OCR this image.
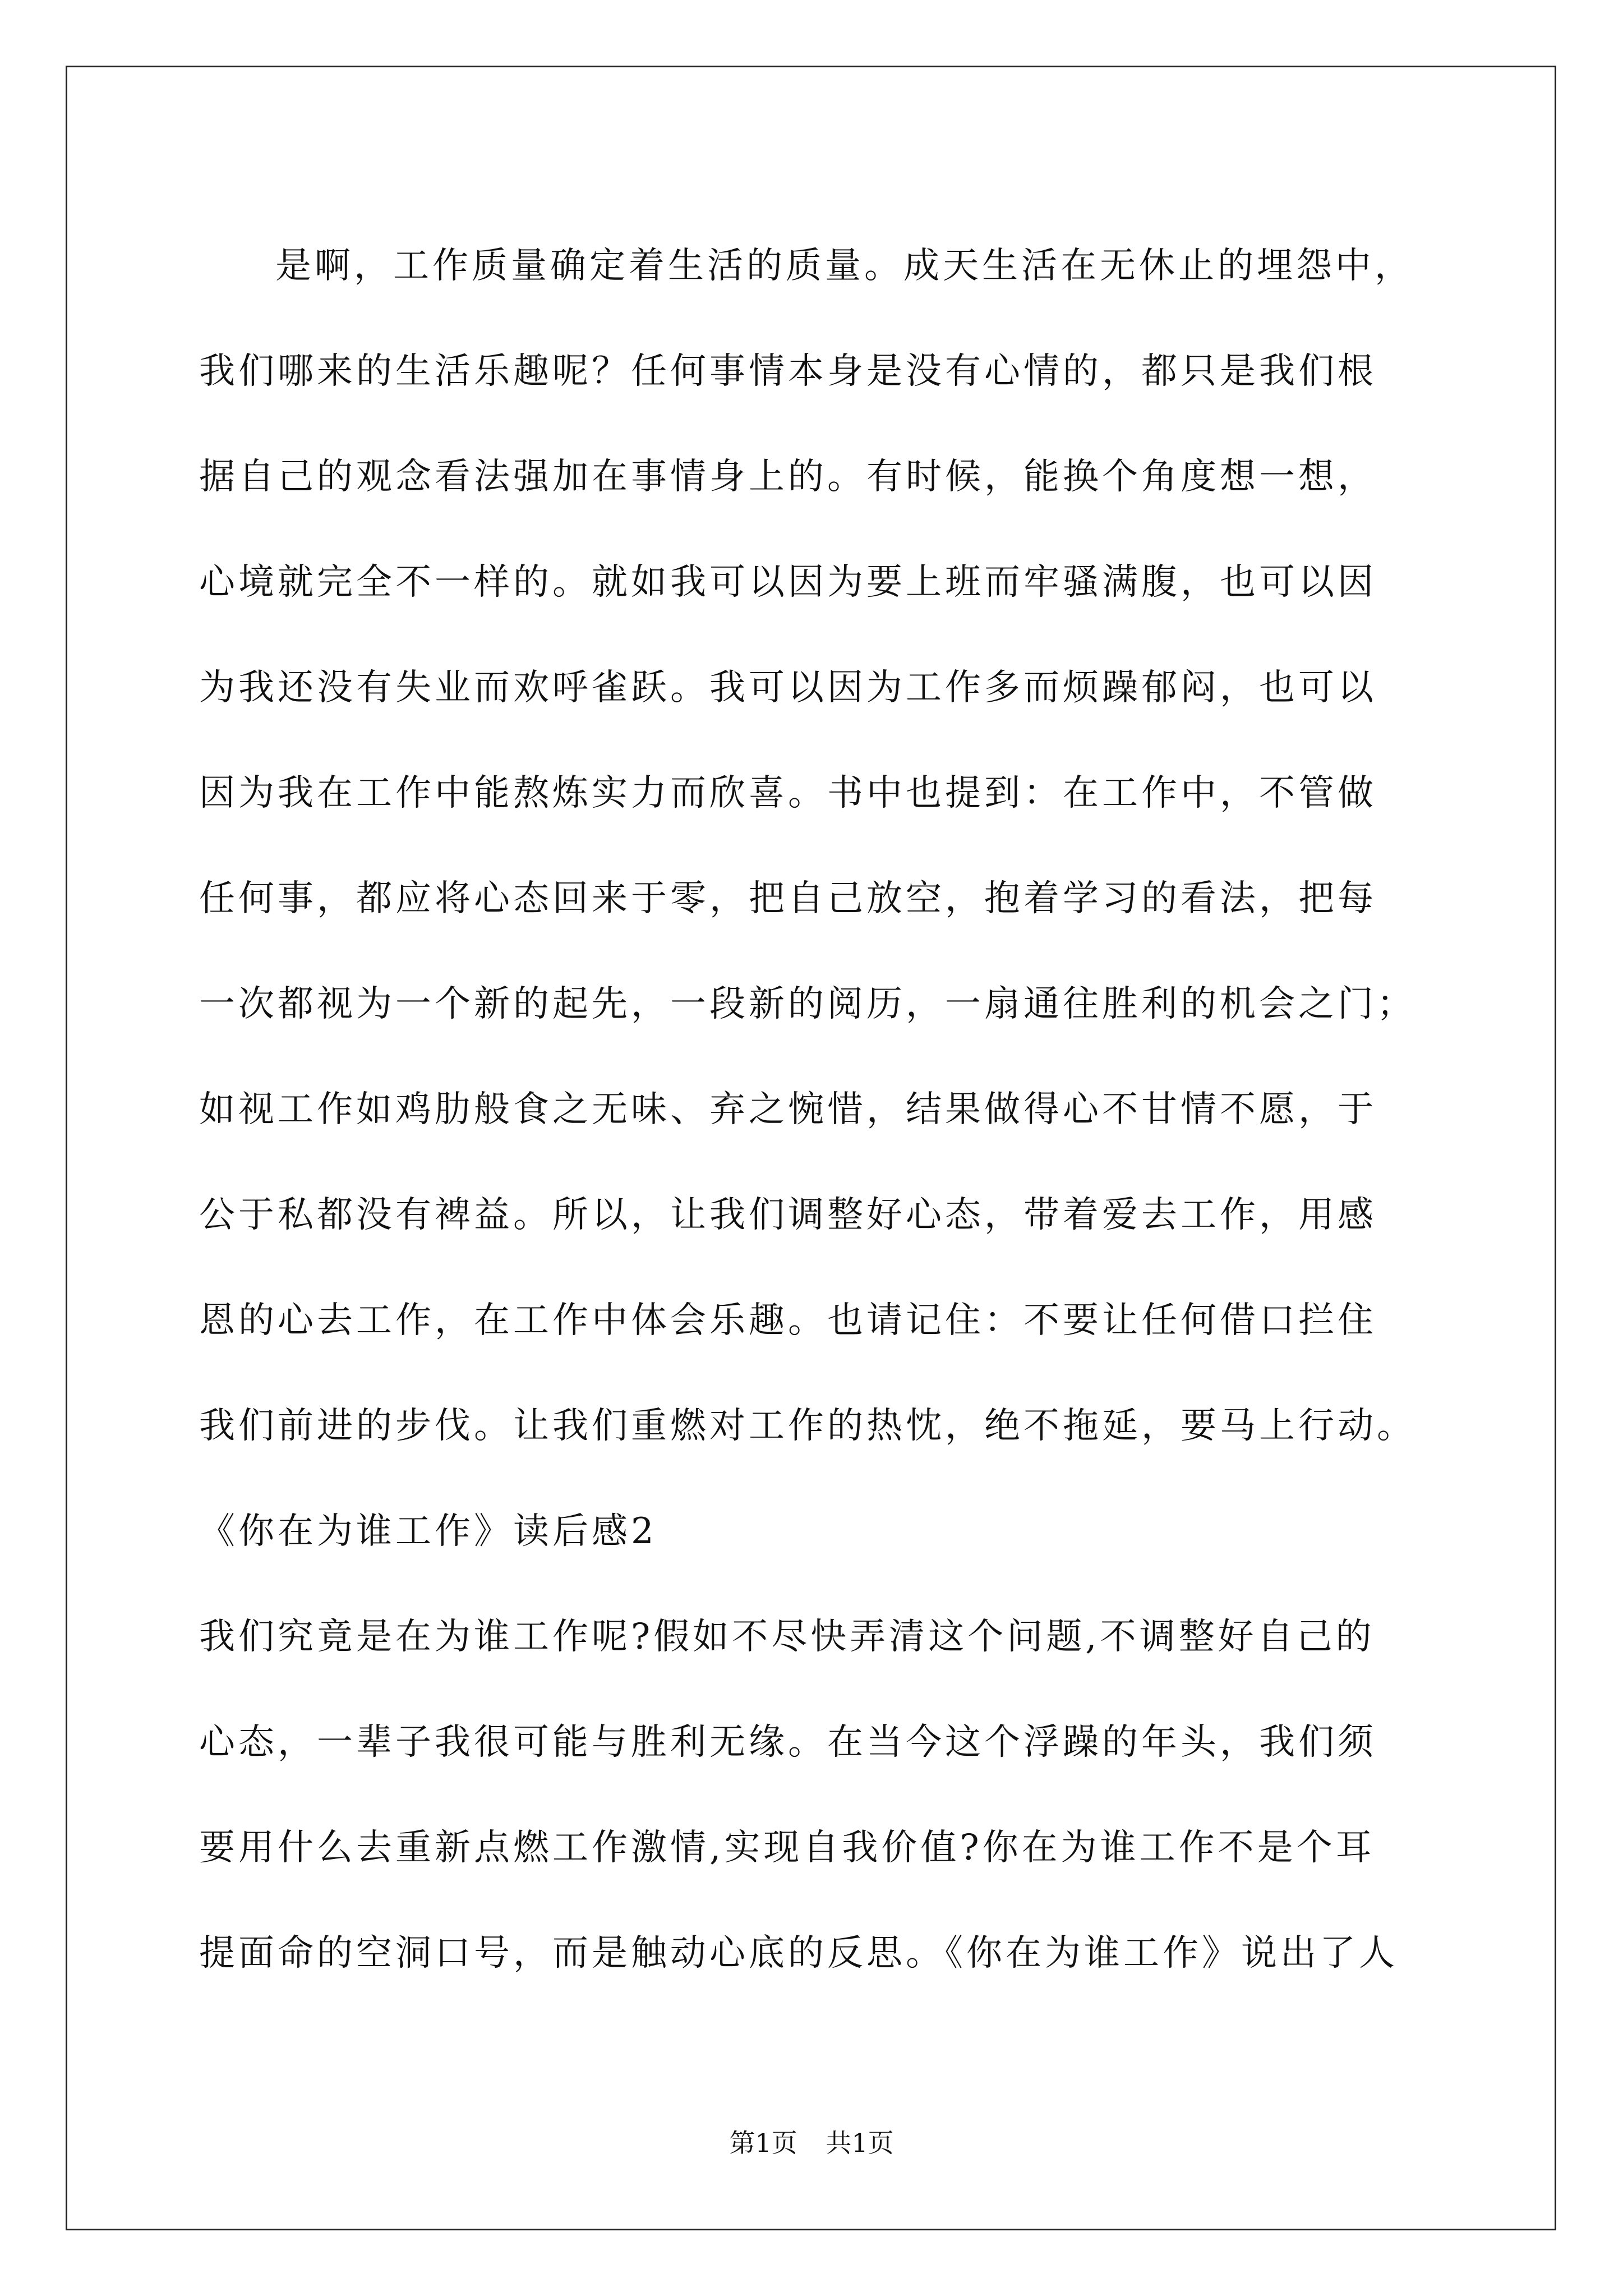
是啊，工作质量确定着生活的质量。成天生活在无休止的埋怨中，
我们哪来的生活乐趣呢？任何事情本身是没有心情的，都只是我们根
据自己的观念看法强加在事情身上的。有时候，能换个角度想一想，
心境就完全不一样的。就如我可以因为要上班而牢骚满腹，也可以因
为我还没有失业而欢呼雀跃。我可以因为工作多而烦躁郁闷，也可以
因为我在工作中能熬炼实力而欣喜。书中也提到：在工作中，不管做
任何事，都应将心态回来于零，把自己放空，抱着学习的看法，把每
一次都视为一个新的起先，一段新的阅历，一扇通往胜利的机会之门；
如视工作如鸡肋般食之无味、弃之惋惜，结果做得心不甘情不愿，于
公于私都没有裨益。所以，让我们调整好心态，带着爱去工作，用感
恩的心去工作，在工作中体会乐趣。也请记住：不要让任何借口拦住
我们前进的步伐。让我们重燃对工作的热忱，绝不拖延，要马上行动。
《你在为谁工作》读后感2
我们究竟是在为谁工作呢?假如不尽快弄清这个问题,不调整好自己的
心态，一辈子我很可能与胜利无缘。在当今这个浮躁的年头，我们须
要用什么去重新点燃工作激情,实现自我价值?你在为谁工作不是个耳
提面命的空洞口号，而是触动心底的反思。《你在为谁工作》说出了人
第1页 共1页
